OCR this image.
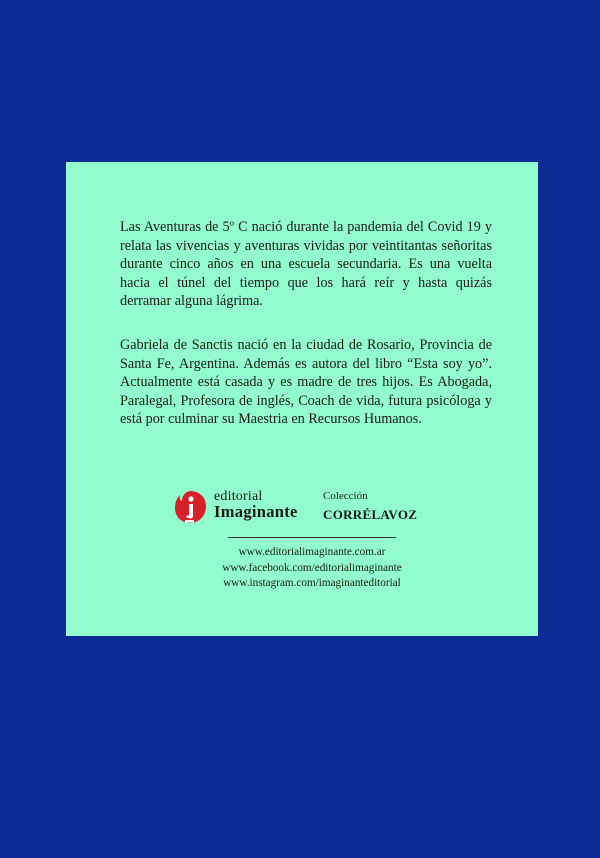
Las Aventuras de 5º C nació durante la pandemia del Covid 19 y relata las vivencias y aventuras vividas por veintitantas señoritas durante cinco años en una escuela secundaria. Es una vuelta hacia el túnel del tiempo que los hará reír y hasta quizás derramar alguna lágrima.

Gabriela de Sanctis nació en la ciudad de Rosario, Provincia de Santa Fe, Argentina. Además es autora del libro “Esta soy yo”. Actualmente está casada y es madre de tres hijos. Es Abogada, Paralegal, Profesora de inglés, Coach de vida, futura psicóloga y está por culminar su Maestria en Recursos Humanos.

editorial
Imaginante
Colección
CORRÉLAVOZ
www.editorialimaginante.com.ar
www.facebook.com/editorialimaginante
www.instagram.com/imaginanteditorial
